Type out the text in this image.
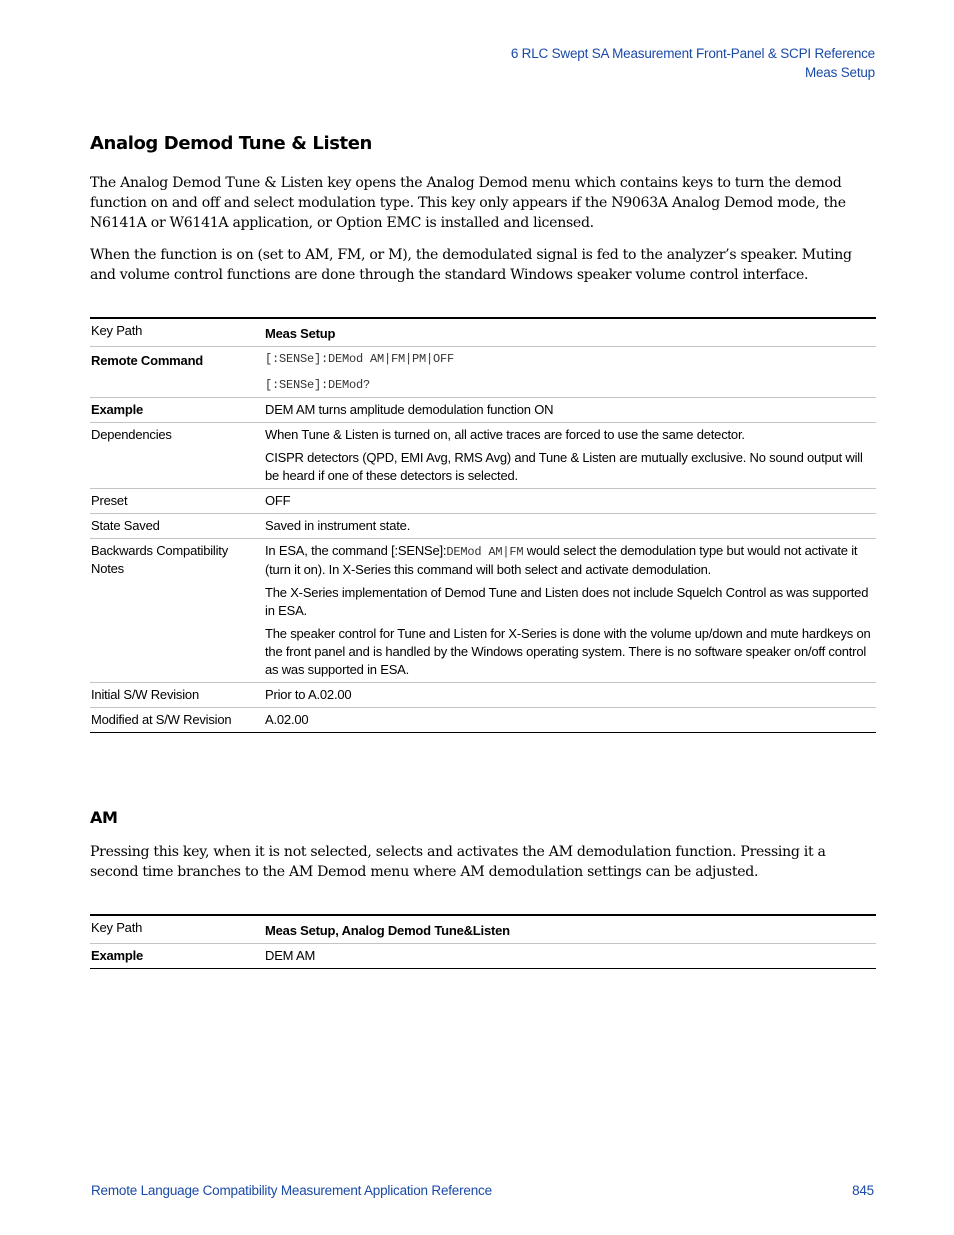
6 RLC Swept SA Measurement Front-Panel & SCPI Reference
Meas Setup
Analog Demod Tune & Listen

The Analog Demod Tune & Listen key opens the Analog Demod menu which contains keys to turn the demod function on and off and select modulation type. This key only appears if the N9063A Analog Demod mode, the N6141A or W6141A application, or Option EMC is installed and licensed.

When the function is on (set to AM, FM, or M), the demodulated signal is fed to the analyzer’s speaker. Muting and volume control functions are done through the standard Windows speaker volume control interface.

Key Path	Meas Setup
Remote Command	[:SENSe]:DEMod AM|FM|PM|OFF

[:SENSe]:DEMod?

Example	DEM AM turns amplitude demodulation function ON
Dependencies	When Tune & Listen is turned on, all active traces are forced to use the same detector.

CISPR detectors (QPD, EMI Avg, RMS Avg) and Tune & Listen are mutually exclusive. No sound output will be heard if one of these detectors is selected.

Preset	OFF
State Saved	Saved in instrument state.
Backwards Compatibility Notes	In ESA, the command [:SENSe]:DEMod AM|FM would select the demodulation type but would not activate it (turn it on). In X-Series this command will both select and activate demodulation.

The X-Series implementation of Demod Tune and Listen does not include Squelch Control as was supported in ESA.

The speaker control for Tune and Listen for X-Series is done with the volume up/down and mute hardkeys on the front panel and is handled by the Windows operating system. There is no software speaker on/off control as was supported in ESA.

Initial S/W Revision	Prior to A.02.00
Modified at S/W Revision	A.02.00
AM

Pressing this key, when it is not selected, selects and activates the AM demodulation function. Pressing it a second time branches to the AM Demod menu where AM demodulation settings can be adjusted.

Key Path	Meas Setup, Analog Demod Tune&Listen
Example	DEM AM
Remote Language Compatibility Measurement Application Reference	845
